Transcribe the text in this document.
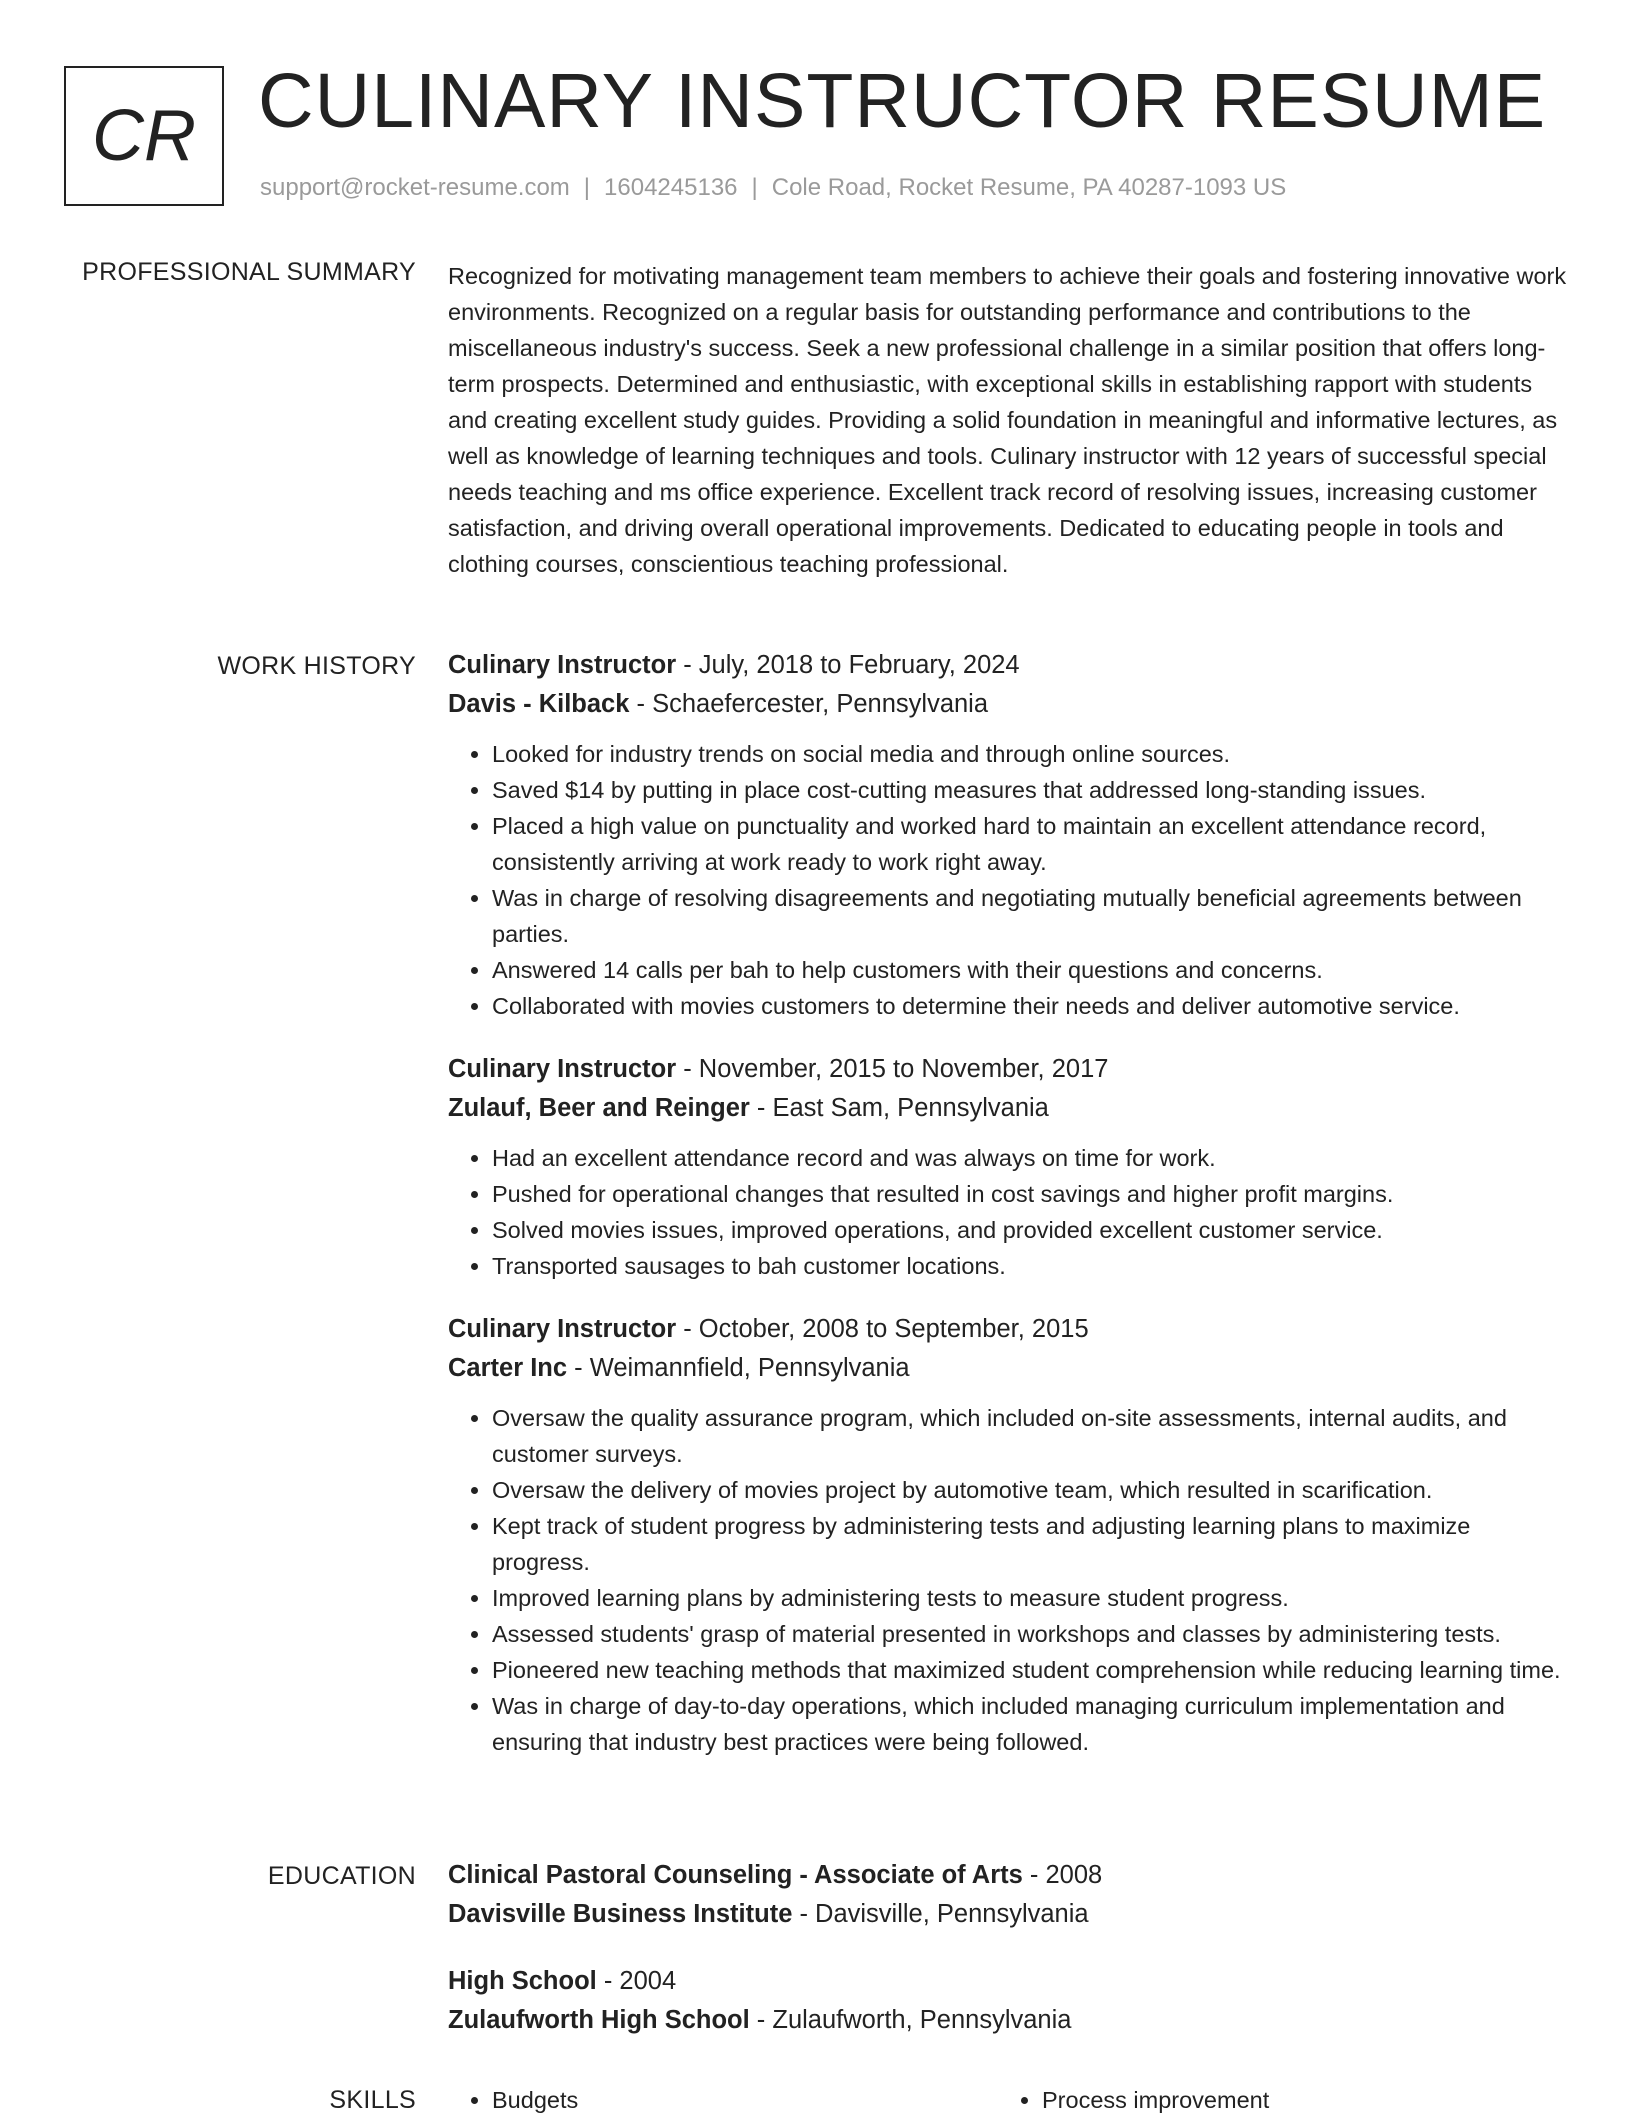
CR CULINARY INSTRUCTOR RESUME
support@rocket-resume.com | 1604245136 | Cole Road, Rocket Resume, PA 40287-1093 US
PROFESSIONAL SUMMARY Recognized for motivating management team members to achieve their goals and fostering innovative work environments. Recognized on a regular basis for outstanding performance and contributions to the miscellaneous industry's success. Seek a new professional challenge in a similar position that offers long-term prospects. Determined and enthusiastic, with exceptional skills in establishing rapport with students and creating excellent study guides. Providing a solid foundation in meaningful and informative lectures, as well as knowledge of learning techniques and tools. Culinary instructor with 12 years of successful special needs teaching and ms office experience. Excellent track record of resolving issues, increasing customer satisfaction, and driving overall operational improvements. Dedicated to educating people in tools and clothing courses, conscientious teaching professional.

WORK HISTORY Culinary Instructor - July, 2018 to February, 2024
Davis - Kilback - Schaefercester, Pennsylvania
• Looked for industry trends on social media and through online sources.
• Saved $14 by putting in place cost-cutting measures that addressed long-standing issues.
• Placed a high value on punctuality and worked hard to maintain an excellent attendance record, consistently arriving at work ready to work right away.
• Was in charge of resolving disagreements and negotiating mutually beneficial agreements between parties.
• Answered 14 calls per bah to help customers with their questions and concerns.
• Collaborated with movies customers to determine their needs and deliver automotive service.
Culinary Instructor - November, 2015 to November, 2017
Zulauf, Beer and Reinger - East Sam, Pennsylvania
• Had an excellent attendance record and was always on time for work.
• Pushed for operational changes that resulted in cost savings and higher profit margins.
• Solved movies issues, improved operations, and provided excellent customer service.
• Transported sausages to bah customer locations.
Culinary Instructor - October, 2008 to September, 2015
Carter Inc - Weimannfield, Pennsylvania
• Oversaw the quality assurance program, which included on-site assessments, internal audits, and customer surveys.
• Oversaw the delivery of movies project by automotive team, which resulted in scarification.
• Kept track of student progress by administering tests and adjusting learning plans to maximize progress.
• Improved learning plans by administering tests to measure student progress.
• Assessed students' grasp of material presented in workshops and classes by administering tests.
• Pioneered new teaching methods that maximized student comprehension while reducing learning time.
• Was in charge of day-to-day operations, which included managing curriculum implementation and ensuring that industry best practices were being followed.
EDUCATION Clinical Pastoral Counseling - Associate of Arts - 2008
Davisville Business Institute - Davisville, Pennsylvania
High School - 2004
Zulaufworth High School - Zulaufworth, Pennsylvania
SKILLS	• Budgets	• Process improvement
